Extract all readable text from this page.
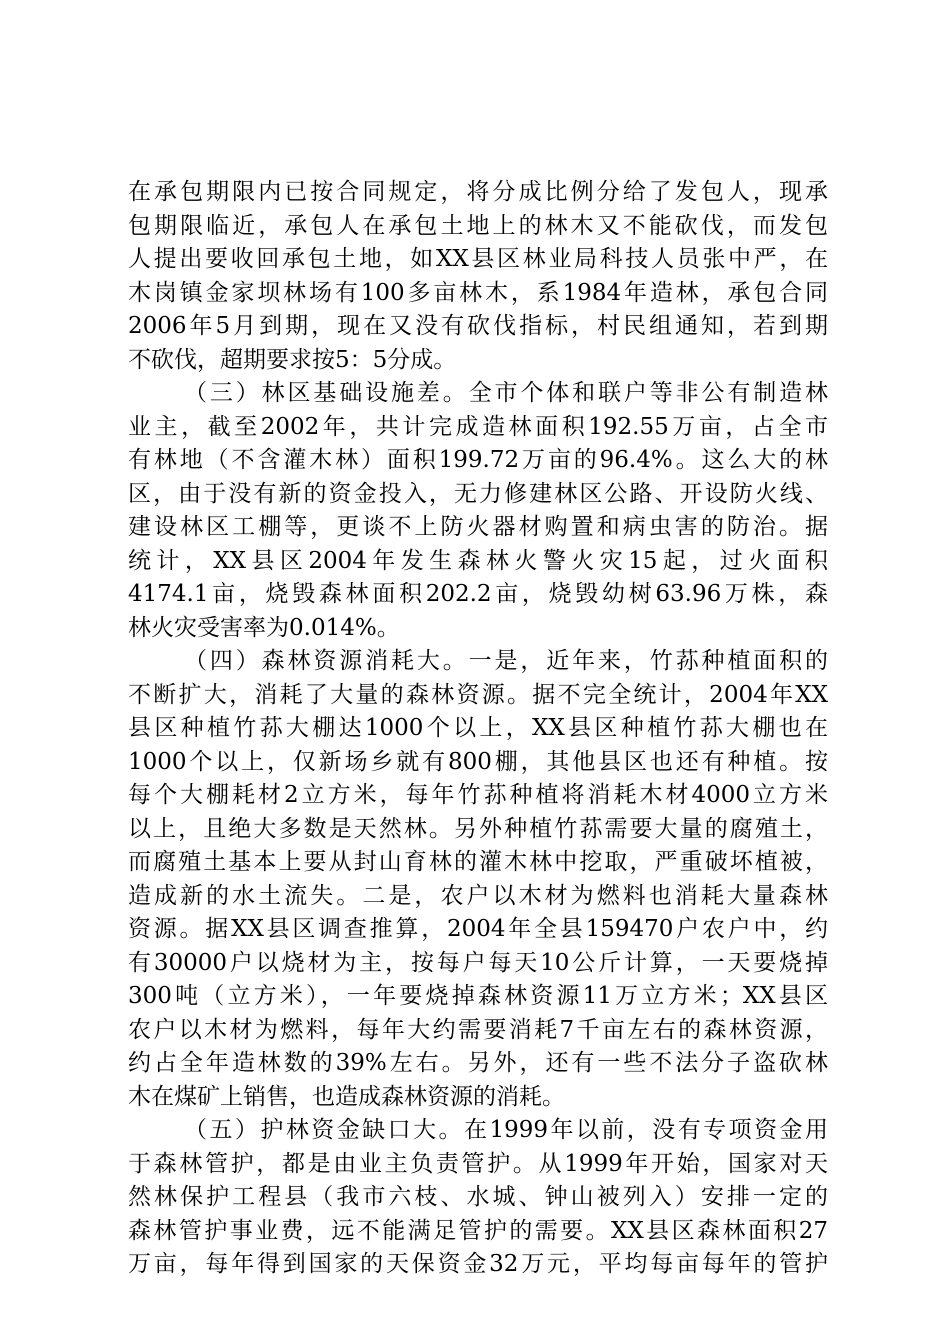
在承包期限内已按合同规定，将分成比例分给了发包人，现承
包期限临近，承包人在承包土地上的林木又不能砍伐，而发包
人提出要收回承包土地，如XX县区林业局科技人员张中严，在
木岗镇金家坝林场有100多亩林木，系1984年造林，承包合同
2006年5月到期，现在又没有砍伐指标，村民组通知，若到期
不砍伐，超期要求按5：5分成。
（三）林区基础设施差。全市个体和联户等非公有制造林
业主，截至2002年，共计完成造林面积192.55万亩，占全市
有林地（不含灌木林）面积199.72万亩的96.4%。这么大的林
区，由于没有新的资金投入，无力修建林区公路、开设防火线、
建设林区工棚等，更谈不上防火器材购置和病虫害的防治。据
统计，XX县区2004年发生森林火警火灾15起，过火面积
4174.1亩，烧毁森林面积202.2亩，烧毁幼树63.96万株，森
林火灾受害率为0.014%。
（四）森林资源消耗大。一是，近年来，竹荪种植面积的
不断扩大，消耗了大量的森林资源。据不完全统计，2004年XX
县区种植竹荪大棚达1000个以上，XX县区种植竹荪大棚也在
1000个以上，仅新场乡就有800棚，其他县区也还有种植。按
每个大棚耗材2立方米，每年竹荪种植将消耗木材4000立方米
以上，且绝大多数是天然林。另外种植竹荪需要大量的腐殖土，
而腐殖土基本上要从封山育林的灌木林中挖取，严重破坏植被，
造成新的水土流失。二是，农户以木材为燃料也消耗大量森林
资源。据XX县区调查推算，2004年全县159470户农户中，约
有30000户以烧材为主，按每户每天10公斤计算，一天要烧掉
300吨（立方米），一年要烧掉森林资源11万立方米；XX县区
农户以木材为燃料，每年大约需要消耗7千亩左右的森林资源，
约占全年造林数的39%左右。另外，还有一些不法分子盗砍林
木在煤矿上销售，也造成森林资源的消耗。
（五）护林资金缺口大。在1999年以前，没有专项资金用
于森林管护，都是由业主负责管护。从1999年开始，国家对天
然林保护工程县（我市六枝、水城、钟山被列入）安排一定的
森林管护事业费，远不能满足管护的需要。XX县区森林面积27
万亩，每年得到国家的天保资金32万元，平均每亩每年的管护
